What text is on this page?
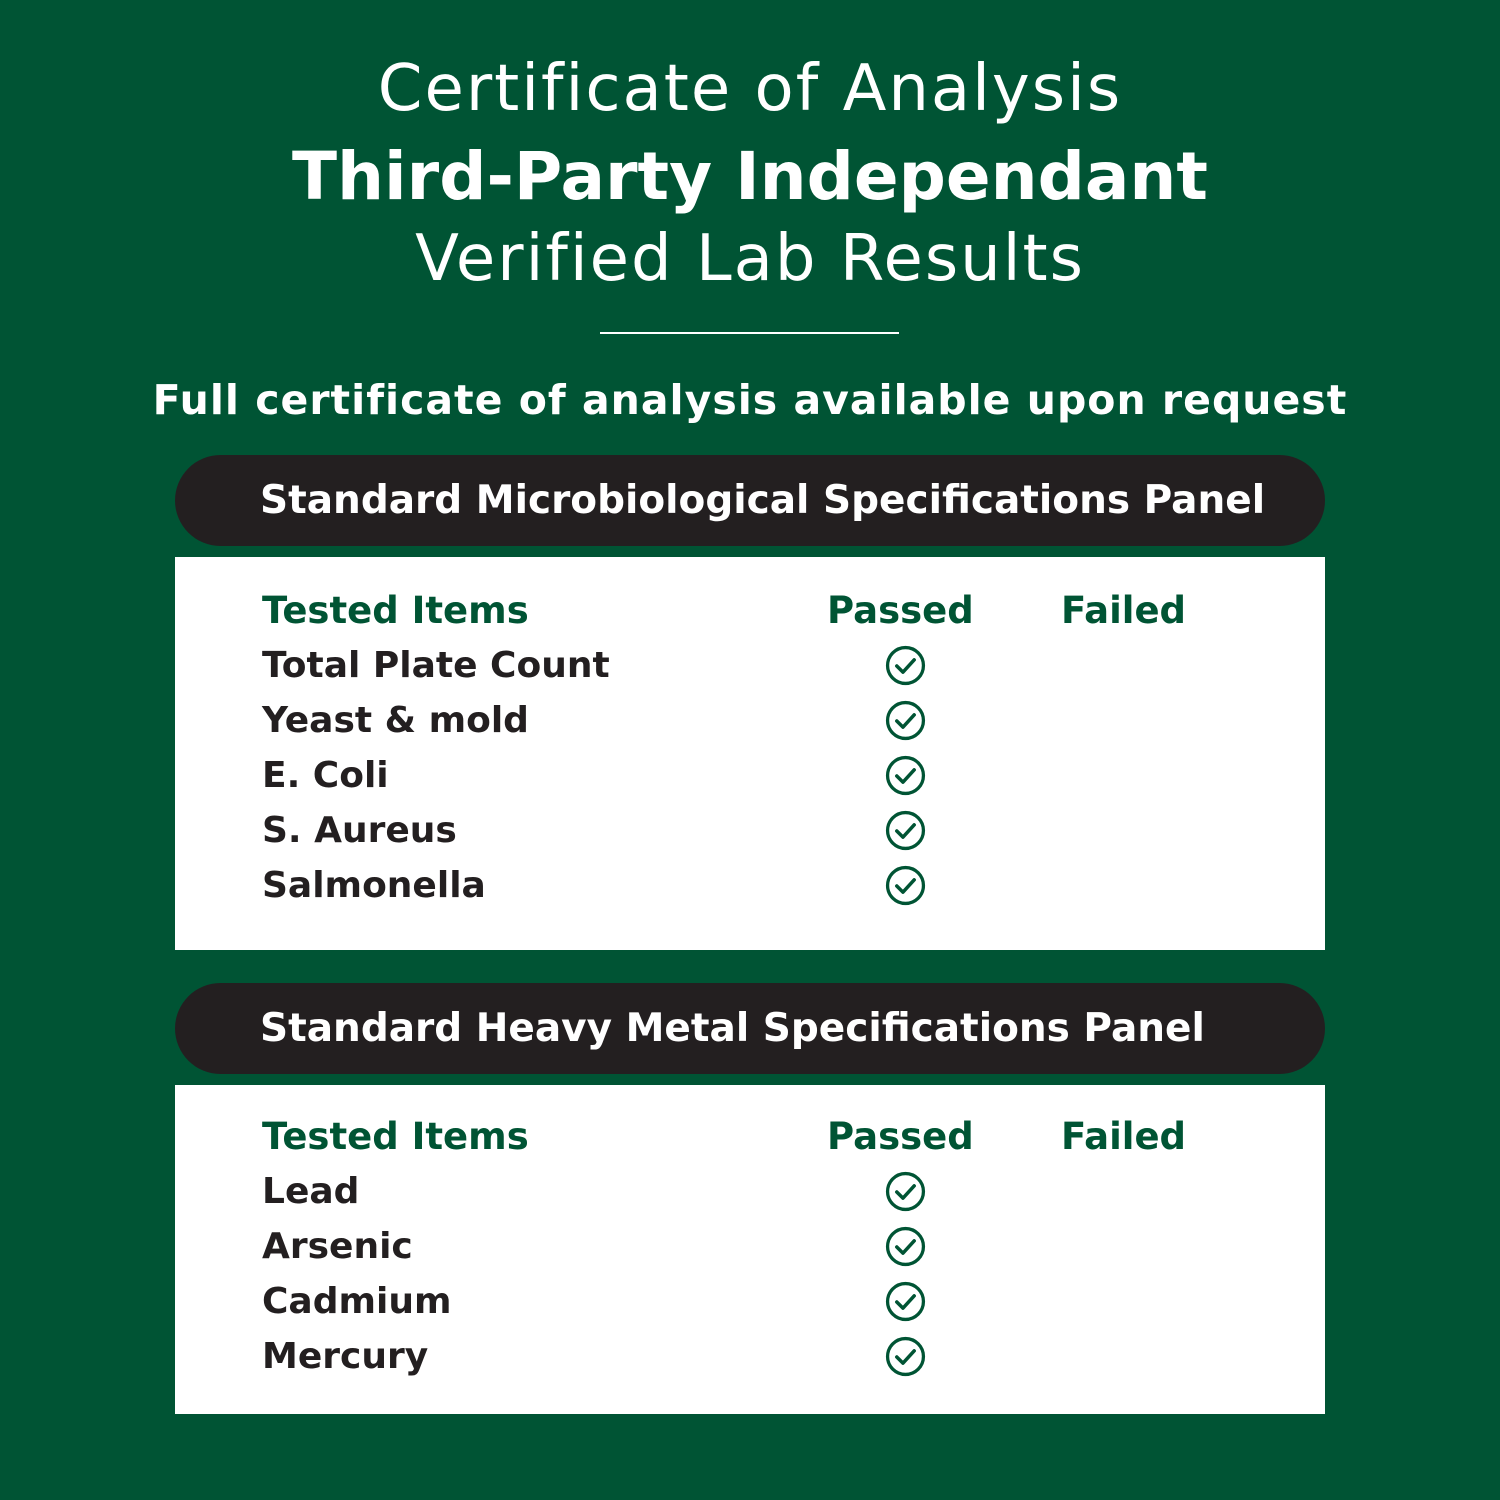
Certificate of Analysis
Third-Party Independant
Verified Lab Results
Full certificate of analysis available upon request
Standard Microbiological Specifications Panel
Tested Items	Passed Failed
Total Plate Count
Yeast & mold
E. Coli
S. Aureus
Salmonella
Standard Heavy Metal Specifications Panel
Tested Items	Passed Failed
Lead
Arsenic
Cadmium
Mercury
